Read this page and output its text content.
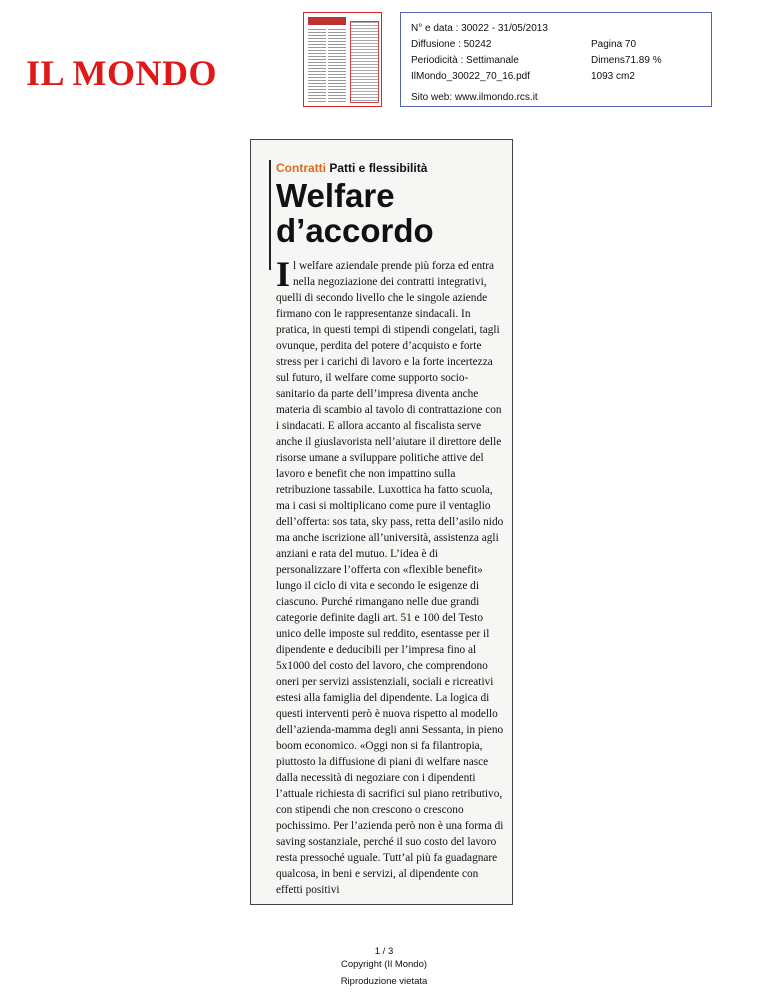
IL MONDO
N° e data : 30022 - 31/05/2013
Diffusione : 50242
Periodicità : Settimanale
IlMondo_30022_70_16.pdf
Sito web: www.ilmondo.rcs.it
Pagina 70
Dimens71.89 %
1093 cm2
Contratti Patti e flessibilità
Welfare
d’accordo
I l welfare aziendale prende più forza ed entra nella negoziazione dei contratti integrativi, quelli di secondo livello che le singole aziende firmano con le rappresentanze sindacali. In pratica, in questi tempi di stipendi congelati, tagli ovunque, perdita del potere d’acquisto e forte stress per i carichi di lavoro e la forte incertezza sul futuro, il welfare come supporto socio-sanitario da parte dell’impresa diventa anche materia di scambio al tavolo di contrattazione con i sindacati. E allora accanto al fiscalista serve anche il giuslavorista nell’aiutare il direttore delle risorse umane a sviluppare politiche attive del lavoro e benefit che non impattino sulla retribuzione tassabile. Luxottica ha fatto scuola, ma i casi si moltiplicano come pure il ventaglio dell’offerta: sos tata, sky pass, retta dell’asilo nido ma anche iscrizione all’università, assistenza agli anziani e rata del mutuo. L’idea è di personalizzare l’offerta con «flexible benefit» lungo il ciclo di vita e secondo le esigenze di ciascuno. Purché rimangano nelle due grandi categorie definite dagli art. 51 e 100 del Testo unico delle imposte sul reddito, esentasse per il dipendente e deducibili per l’impresa fino al 5x1000 del costo del lavoro, che comprendono oneri per servizi assistenziali, sociali e ricreativi estesi alla famiglia del dipendente. La logica di questi interventi però è nuova rispetto al modello dell’azienda-mamma degli anni Sessanta, in pieno boom economico. «Oggi non si fa filantropia, piuttosto la diffusione di piani di welfare nasce dalla necessità di negoziare con i dipendenti l’attuale richiesta di sacrifici sul piano retributivo, con stipendi che non crescono o crescono pochissimo. Per l’azienda però non è una forma di saving sostanziale, perché il suo costo del lavoro resta pressoché uguale. Tutt’al più fa guadagnare qualcosa, in beni e servizi, al dipendente con effetti positivi

1 / 3
Copyright (Il Mondo)
Riproduzione vietata
